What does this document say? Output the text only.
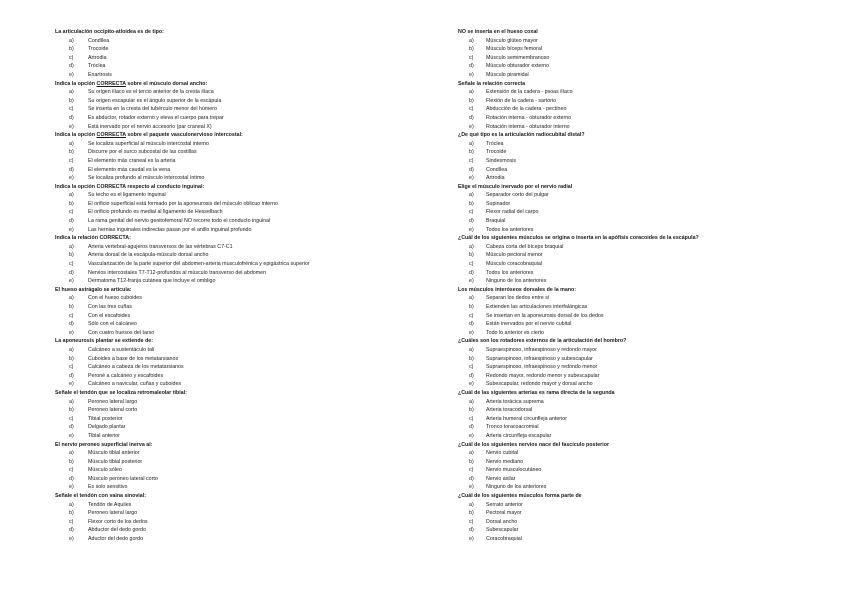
La articulación occipito-atloidea es de tipo:
a)	Condílea
b)	Trocoide
c)	Artrodia
d)	Tróclea
e)	Enartrosis
Indica la opción CORRECTA sobre el músculo dorsal ancho:
a)	Su origen ilíaco es el tercio anterior de la cresta ilíaca
b)	Su origen escapular es el ángulo superior de la escápula
c)	Se inserta en la cresta del tubérculo menor del húmero
d)	Es abductor, rotador externo y eleva el cuerpo para trepar
e)	Está inervado por el nervio accesorio (par craneal X)
Indica la opción CORRECTA sobre el paquete vasculonervioso intercostal:
a)	Se localiza superficial al músculo intercostal interno
b)	Discurre por el surco subcostal de las costillas
c)	El elemento más craneal es la arteria
d)	El elemento más caudal es la vena
e)	Se localiza profundo al músculo intercostal íntimo
Indica la opción CORRECTA respecto al conducto inguinal:
a)	Su techo es el ligamento inguinal
b)	El orificio superficial está formado por la aponeurosis del músculo oblicuo interno
c)	El orificio profundo es medial al ligamento de Hesselbach
d)	La rama genital del nervio genitofemoral NO recorre todo el conducto inguinal
e)	Las hernias inguinales indirectas pasan por el anillo inguinal profundo
Indica la relación CORRECTA:
a)	Arteria vertebral-agujeros transversos de las vértebras C7-C1
b)	Arteria dorsal de la escápula-músculo dorsal ancho
c)	Vascularización de la parte superior del abdomen-arteria musculofrénica y epigástrica superior
d)	Nervios intercostales T7-T12-profundos al músculo transverso del abdomen
e)	Dermatoma T12-franja cutánea que incluye el ombligo
El hueso astrágalo se articula:
a)	Con el hueso cuboides
b)	Con las tres cuñas
c)	Con el escafoides
d)	Sólo con el calcáneo
e)	Con cuatro huesos del tarso
La aponeurosis plantar se extiende de:
a)	Calcáneo a sustentáculo tali
b)	Cuboides a base de los metatarsianos
c)	Calcáneo a cabeza de los metatarsianos
d)	Peroné a calcáneo y escafoides
e)	Calcáneo a navicular, cuñas y cuboides
Señale el tendón que se localiza retromaleolar tibial:
a)	Peroneo lateral largo
b)	Peroneo lateral corto
c)	Tibial posterior
d)	Delgado plantar
e)	Tibial anterior
El nervio peroneo superficial inerva al:
a)	Músculo tibial anterior
b)	Músculo tibial posterior
c)	Músculo sóleo
d)	Músculo peroneo lateral corto
e)	Es solo sensitivo
Señale el tendón con vaina sinovial:
a)	Tendón de Aquiles
b)	Peroneo lateral largo
c)	Flexor corto de los dedos
d)	Abductor del dedo gordo
e)	Aductor del dedo gordo
NO se inserta en el hueso coxal
a) Músculo glúteo mayor
b) Músculo bíceps femoral
c) Músculo semimembranoso
d) Músculo obturador externo
e) Músculo piramidal
Señale la relación correcta
a) Extensión de la cadera - psoas ilíaco
b) Flexión de la cadera - sartorio
c) Abducción de la cadera - pectíneo
d) Rotación interna - obturador externo
e) Rotación interna - obturador interno
¿De qué tipo es la articulación radiocubital distal?
a) Tróclea
b) Trocoide
c) Sindesmosis
d) Condílea
e) Artrodia
Elige el músculo inervado por el nervio radial
a) Separador corto del pulgar
b) Supinador
c) Flexor radial del carpo
d) Braquial
e) Todos los anteriores
¿Cuál de los siguientes músculos se origina o inserta en la apófisis coracoides de la escápula?
a) Cabeza corta del bíceps braquial
b) Músculo pectoral menor
c) Músculo coracobraquial
d) Todos los anteriores
e) Ninguno de los anteriores
Los músculos interóseos dorsales de la mano:
a) Separan los dedos entre sí
b) Extienden las articulaciones interfalángicas
c) Se insertan en la aponeurosis dorsal de los dedos
d) Están inervados por el nervio cubital
e) Todo lo anterior es cierto
¿Cuáles son los rotadores externos de la articulación del hombro?
a) Supraespinoso, infraespinoso y redondo mayor
b) Supraespinoso, infraespinoso y subescapular
c) Supraespinoso, infraespinoso y redondo menor
d) Redondo mayor, redondo menor y subescapular
e) Subescapular, redondo mayor y dorsal ancho
¿Cuál de las siguientes arterias es rama directa de la segunda
a) Arteria torácica suprema
b) Arteria toracodorsal
c) Arteria humeral circunfleja anterior
d) Tronco toracoacromial
e) Arteria circunfleja escapular
¿Cuál de los siguientes nervios nace del fascículo posterior
a) Nervio cubital
b) Nervio mediano
c) Nervio musculocutáneo
d) Nervio axilar
e) Ninguno de los anteriores
¿Cuál de los siguientes músculos forma parte de
a) Serrato anterior
b) Pectoral mayor
c) Dorsal ancho
d) Subescapular
e) Coracobraquial
